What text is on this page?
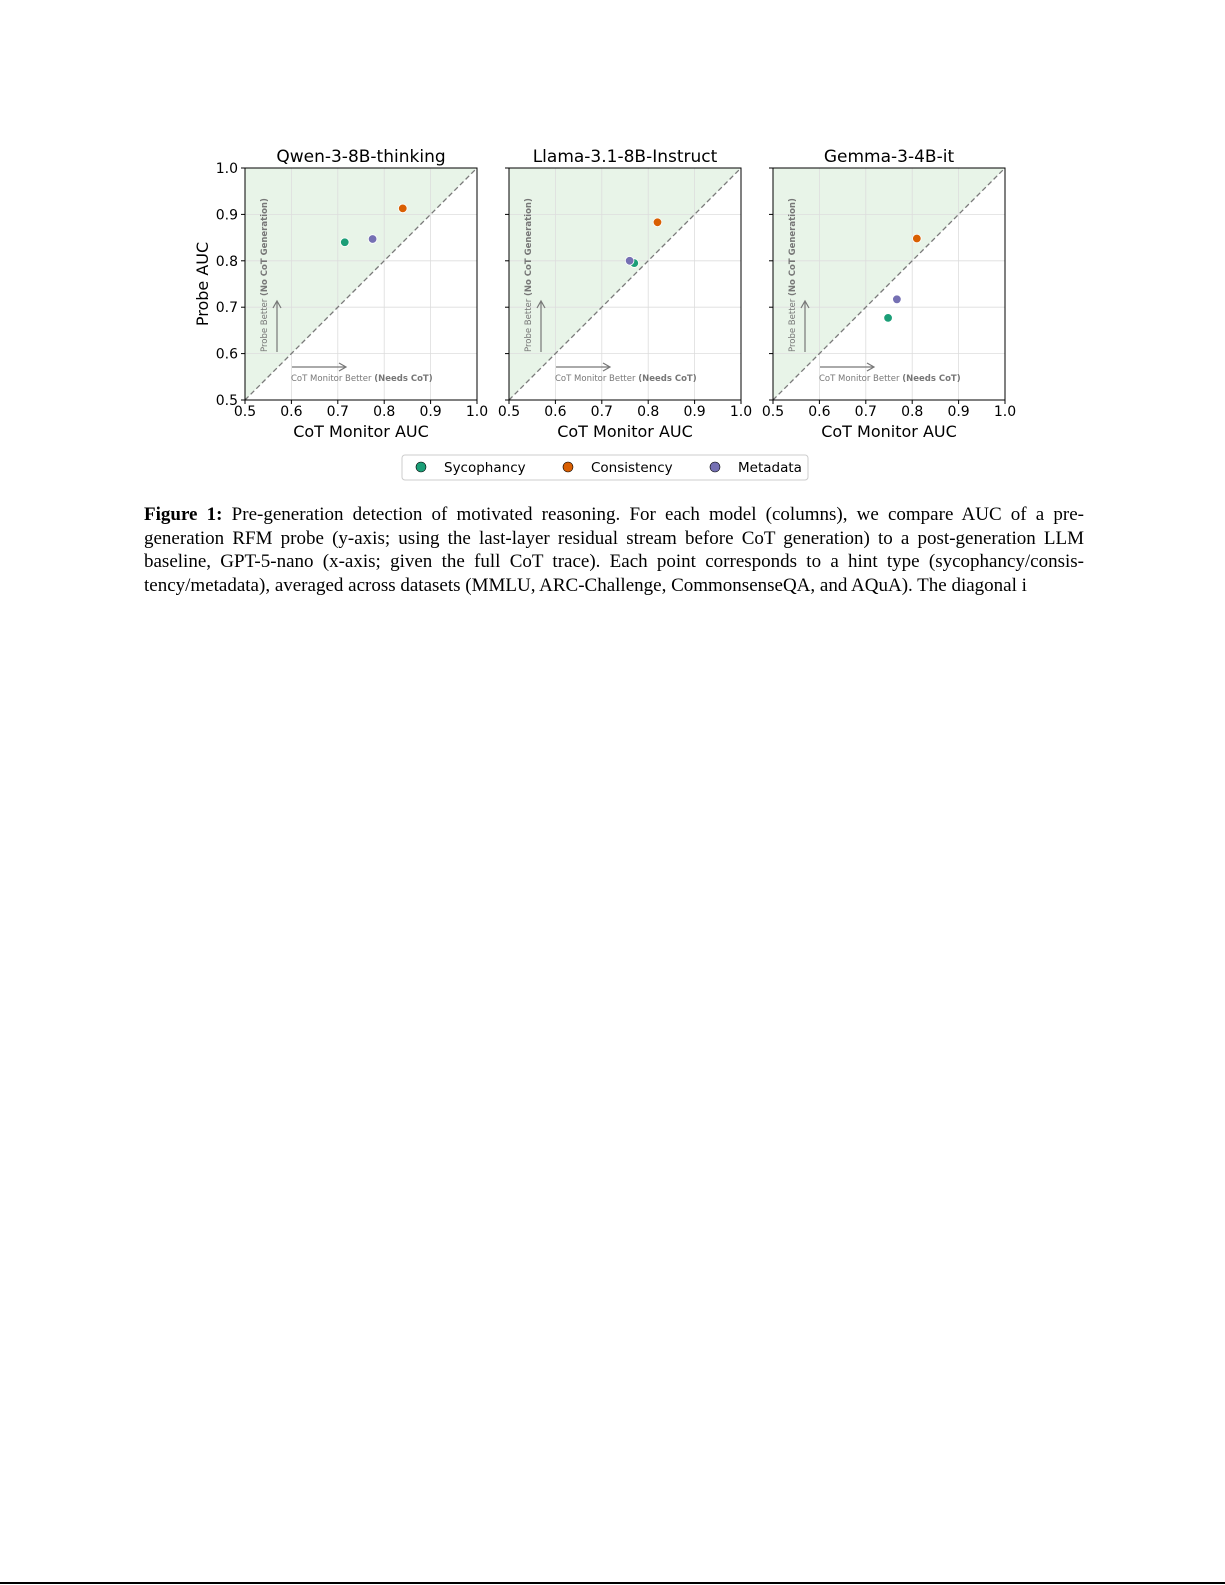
Probe Better (No CoT Generation)
CoT Monitor Better (Needs CoT)
0.5
0.5
0.6
0.6
0.7
0.7
0.8
0.8
0.9
0.9
1.0
1.0
Qwen-3-8B-thinking
CoT Monitor AUC
Probe AUC	Probe Better (No CoT Generation)
CoT Monitor Better (Needs CoT)
0.5 0.6 0.7 0.8 0.9 1.0
Llama-3.1-8B-Instruct
CoT Monitor AUC
Probe Better (No CoT Generation)
CoT Monitor Better (Needs CoT)
0.5 0.6 0.7 0.8 0.9 1.0
Gemma-3-4B-it
CoT Monitor AUC
Sycophancy	Consistency	Metadata
Figure 1: Pre-generation detection of motivated reasoning. For each model (columns), we compare AUC of a pre-generation RFM probe (y-axis; using the last-layer residual stream before CoT generation) to a post-generation LLM baseline, GPT-5-nano (x-axis; given the full CoT trace). Each point corresponds to a hint type (sycophancy/consis-tency/metadata), averaged across datasets (MMLU, ARC-Challenge, CommonsenseQA, and AQuA). The diagonal i
